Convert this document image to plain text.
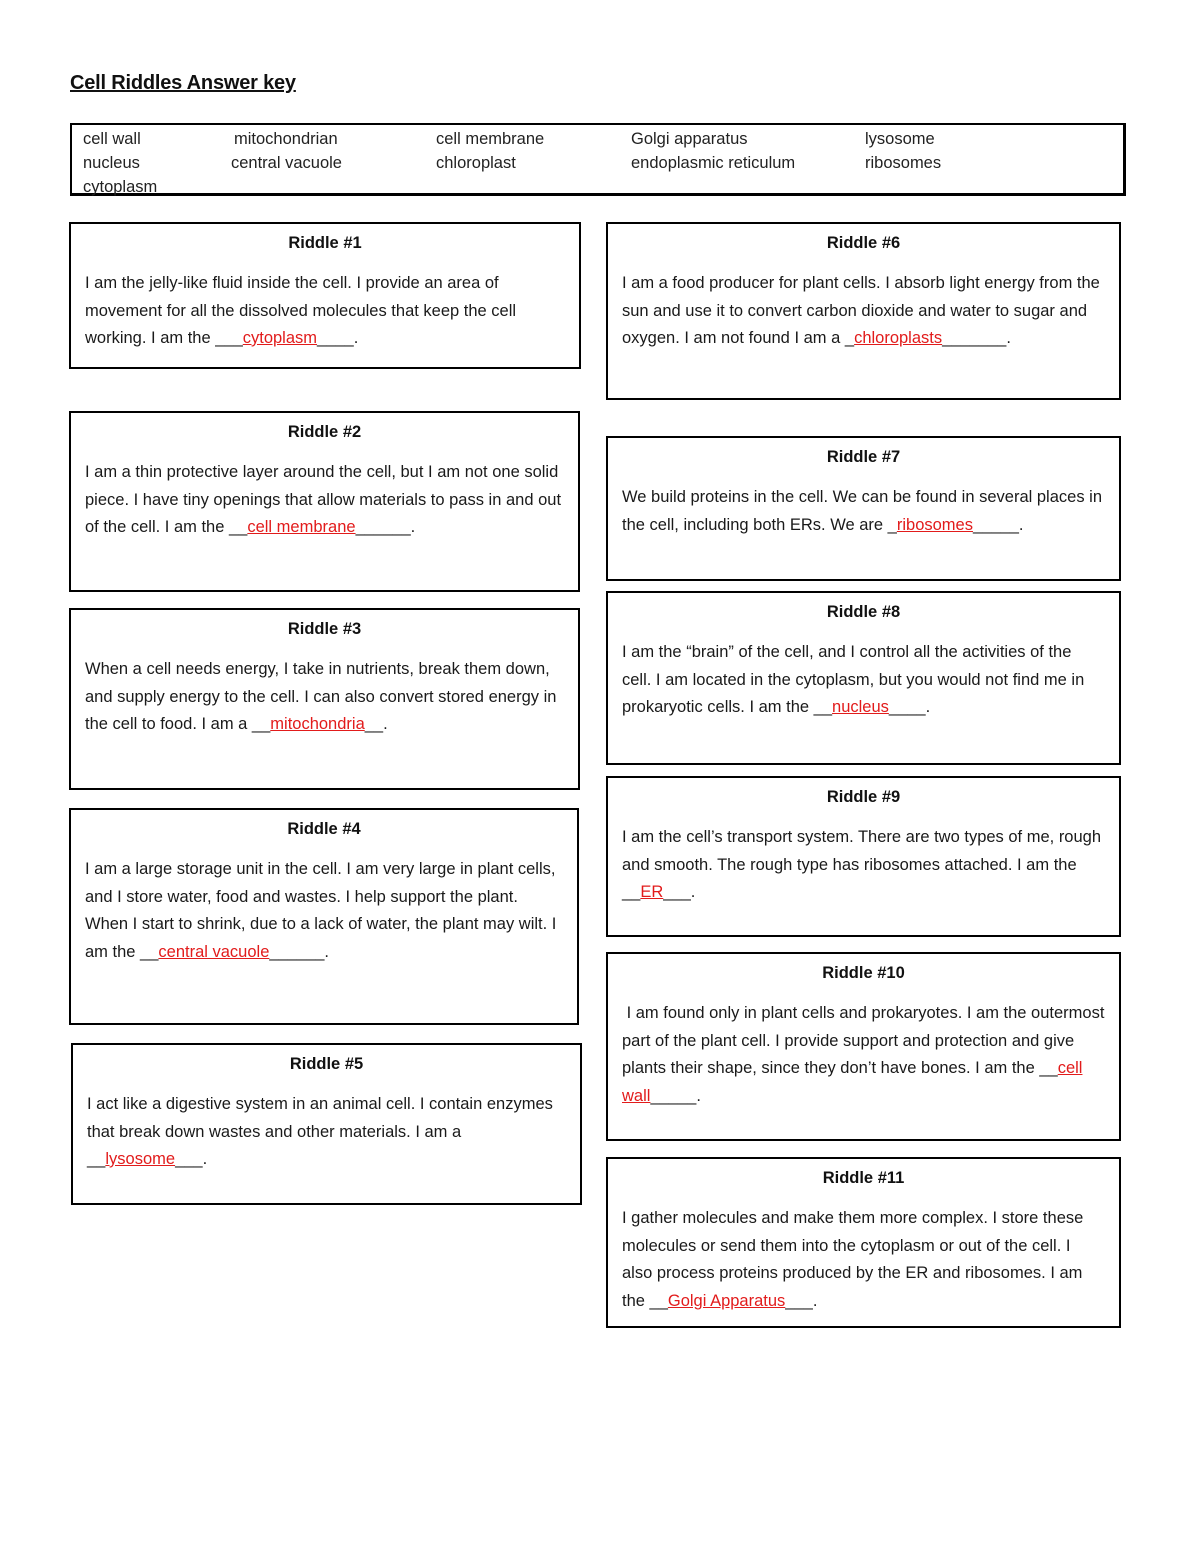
Cell Riddles Answer key
cell wall	mitochondrian	cell membrane	Golgi apparatus	lysosome
nucleus	central vacuole	chloroplast	endoplasmic reticulum	ribosomes
cytoplasm
Riddle #1
I am the jelly-like fluid inside the cell. I provide an area of movement for all the dissolved molecules that keep the cell working. I am the ___cytoplasm____.
Riddle #2
I am a thin protective layer around the cell, but I am not one solid piece. I have tiny openings that allow materials to pass in and out of the cell. I am the __cell membrane______.
Riddle #3
When a cell needs energy, I take in nutrients, break them down, and supply energy to the cell. I can also convert stored energy in the cell to food. I am a __mitochondria__.
Riddle #4
I am a large storage unit in the cell. I am very large in plant cells, and I store water, food and wastes. I help support the plant. When I start to shrink, due to a lack of water, the plant may wilt. I am the __central vacuole______.
Riddle #5
I act like a digestive system in an animal cell. I contain enzymes that break down wastes and other materials. I am a __lysosome___.
Riddle #6
I am a food producer for plant cells. I absorb light energy from the sun and use it to convert carbon dioxide and water to sugar and oxygen. I am not found I am a _chloroplasts_______.
Riddle #7
We build proteins in the cell. We can be found in several places in the cell, including both ERs. We are _ribosomes_____.
Riddle #8
I am the “brain” of the cell, and I control all the activities of the cell. I am located in the cytoplasm, but you would not find me in prokaryotic cells. I am the __nucleus____.
Riddle #9
I am the cell’s transport system. There are two types of me, rough and smooth. The rough type has ribosomes attached. I am the __ER___.
Riddle #10
I am found only in plant cells and prokaryotes. I am the outermost part of the plant cell. I provide support and protection and give plants their shape, since they don’t have bones. I am the __cell wall_____.
Riddle #11
I gather molecules and make them more complex. I store these molecules or send them into the cytoplasm or out of the cell. I also process proteins produced by the ER and ribosomes. I am the __Golgi Apparatus___.
